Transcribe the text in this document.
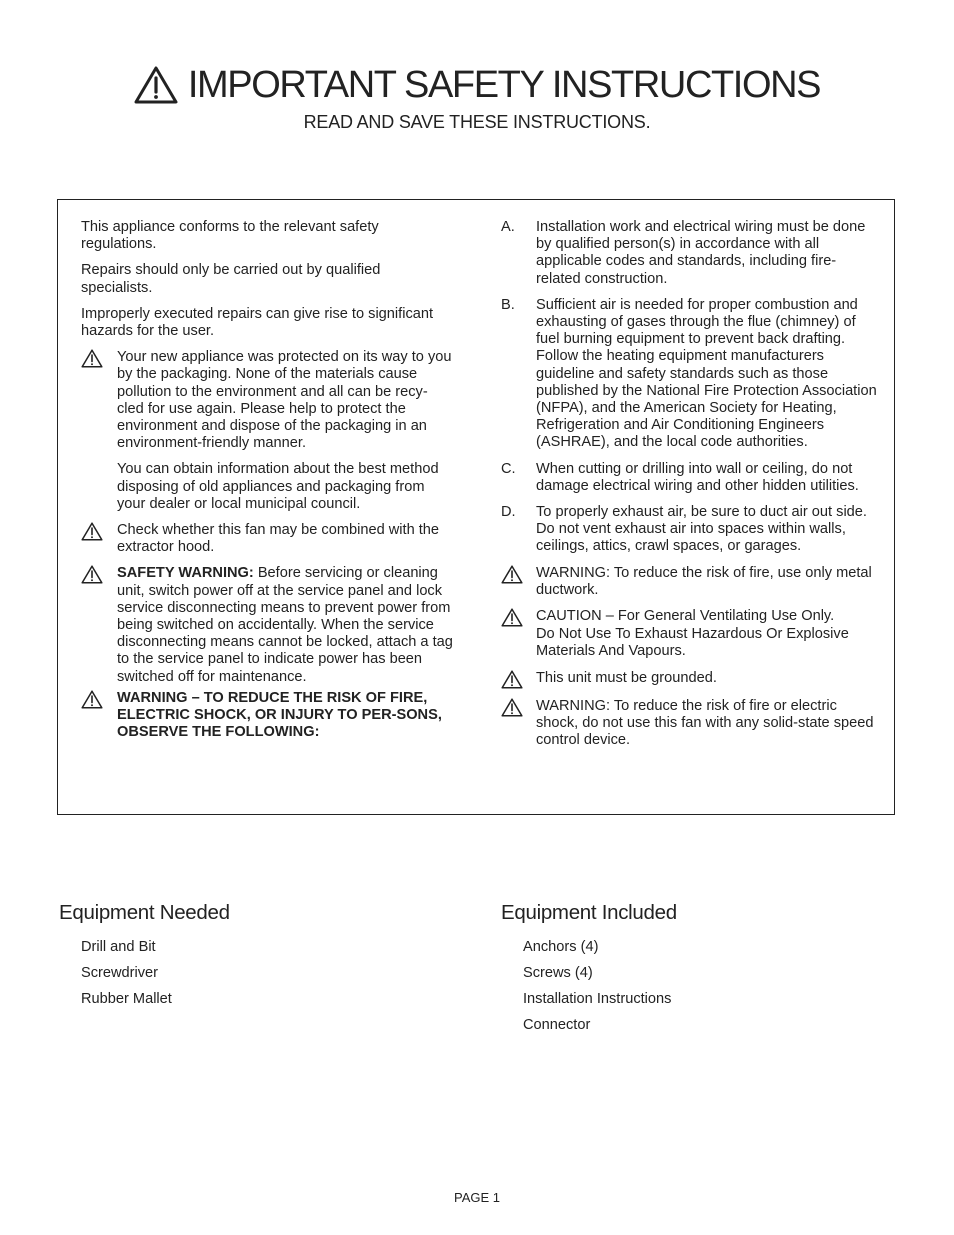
IMPORTANT SAFETY INSTRUCTIONS
READ AND SAVE THESE INSTRUCTIONS.

This appliance conforms to the relevant safety regulations.

Repairs should only be carried out by qualified specialists.

Improperly executed repairs can give rise to significant hazards for the user.

Your new appliance was protected on its way to you by the packaging. None of the materials cause
pollution to the environment and all can be recy-cled for use again. Please help to protect the environment and dispose of the packaging in an environment-friendly manner.
You can obtain information about the best method
disposing of old appliances and packaging from your dealer or local municipal council.
Check whether this fan may be combined with the extractor hood.
SAFETY WARNING: Before servicing or cleaning unit, switch power off at the service panel and lock service disconnecting means to prevent power from being switched on accidentally. When the service disconnecting means cannot be locked, attach a tag to the service panel to indicate power has been switched off for maintenance.
WARNING – TO REDUCE THE RISK OF FIRE, ELECTRIC SHOCK, OR INJURY TO PER-SONS, OBSERVE THE FOLLOWING:
A.	Installation work and electrical wiring must be done by qualified person(s) in accordance with all applicable codes and standards, including fire-related construction.
B.	Sufficient air is needed for proper combustion and exhausting of gases through the flue (chimney) of fuel burning equipment to prevent back drafting. Follow the heating equipment manufacturers guideline and safety standards such as those published by the National Fire Protection Association (NFPA), and the American Society for Heating, Refrigeration and Air Conditioning Engineers (ASHRAE), and the local code authorities.
C.	When cutting or drilling into wall or ceiling, do not damage electrical wiring and other hidden utilities.
D.	To properly exhaust air, be sure to duct air out side. Do not vent exhaust air into spaces within walls, ceilings, attics, crawl spaces, or garages.
WARNING: To reduce the risk of fire, use only metal ductwork.
CAUTION – For General Ventilating Use Only.
Do Not Use To Exhaust Hazardous Or Explosive Materials And Vapours.
This unit must be grounded.
WARNING: To reduce the risk of fire or electric shock, do not use this fan with any solid-state speed control device.
Equipment Needed
Drill and Bit
Screwdriver
Rubber Mallet
Equipment Included
Anchors (4)
Screws (4)
Installation Instructions
Connector
PAGE 1
